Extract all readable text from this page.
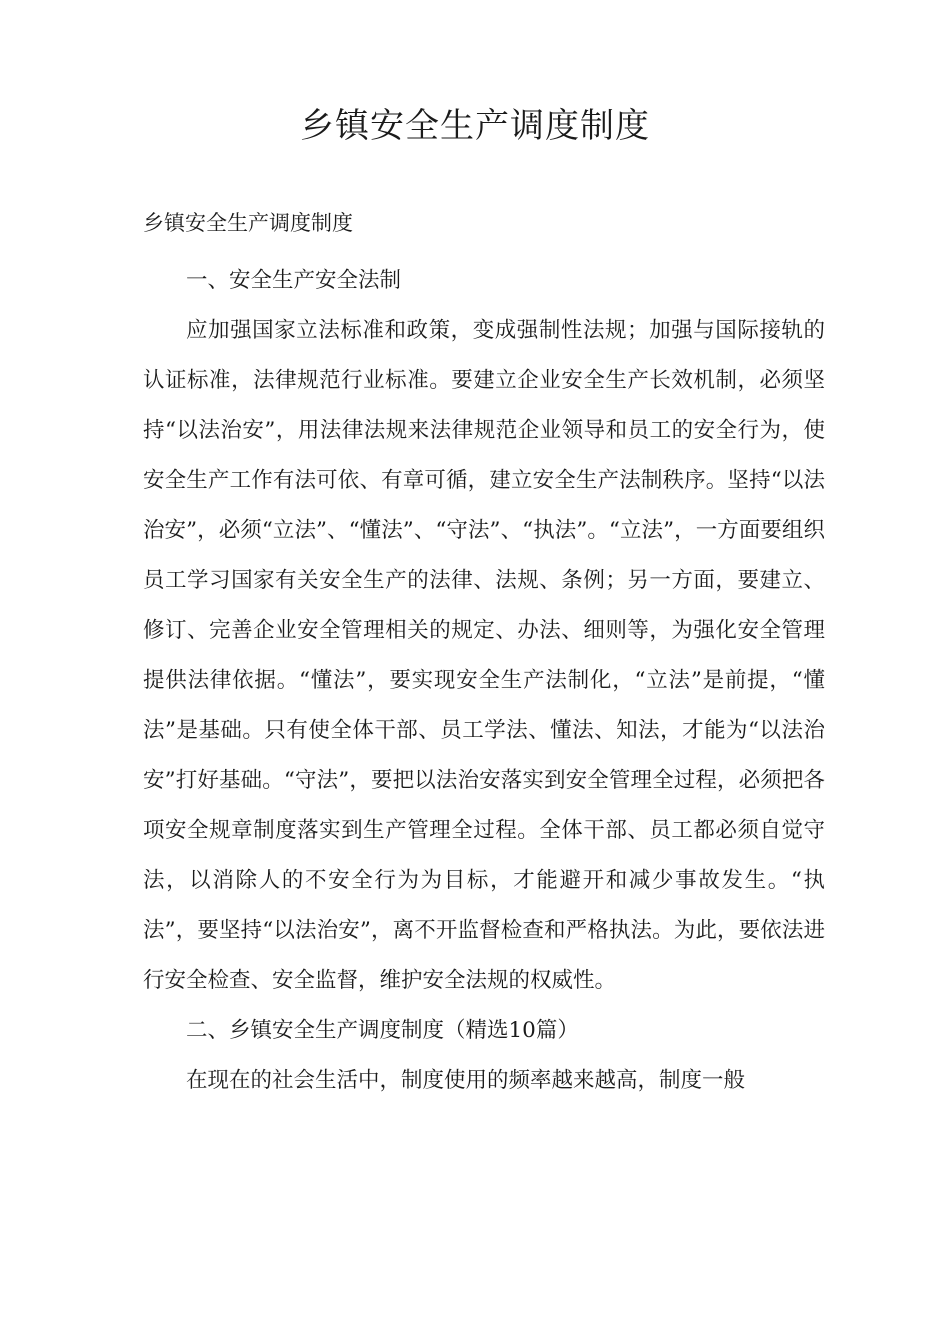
乡镇安全生产调度制度

乡镇安全生产调度制度

一、安全生产安全法制

应加强国家立法标准和政策，变成强制性法规；加强与国际接轨的认证标准，法律规范行业标准。要建立企业安全生产长效机制，必须坚持“以法治安”，用法律法规来法律规范企业领导和员工的安全行为，使安全生产工作有法可依、有章可循，建立安全生产法制秩序。坚持“以法治安”，必须“立法”、“懂法”、“守法”、“执法”。“立法”，一方面要组织员工学习国家有关安全生产的法律、法规、条例；另一方面，要建立、修订、完善企业安全管理相关的规定、办法、细则等，为强化安全管理提供法律依据。“懂法”，要实现安全生产法制化，“立法”是前提，“懂法”是基础。只有使全体干部、员工学法、懂法、知法，才能为“以法治安”打好基础。“守法”，要把以法治安落实到安全管理全过程，必须把各项安全规章制度落实到生产管理全过程。全体干部、员工都必须自觉守法，以消除人的不安全行为为目标，才能避开和减少事故发生。“执法”，要坚持“以法治安”，离不开监督检查和严格执法。为此，要依法进行安全检查、安全监督，维护安全法规的权威性。

二、乡镇安全生产调度制度（精选10篇）

在现在的社会生活中，制度使用的频率越来越高，制度一般
